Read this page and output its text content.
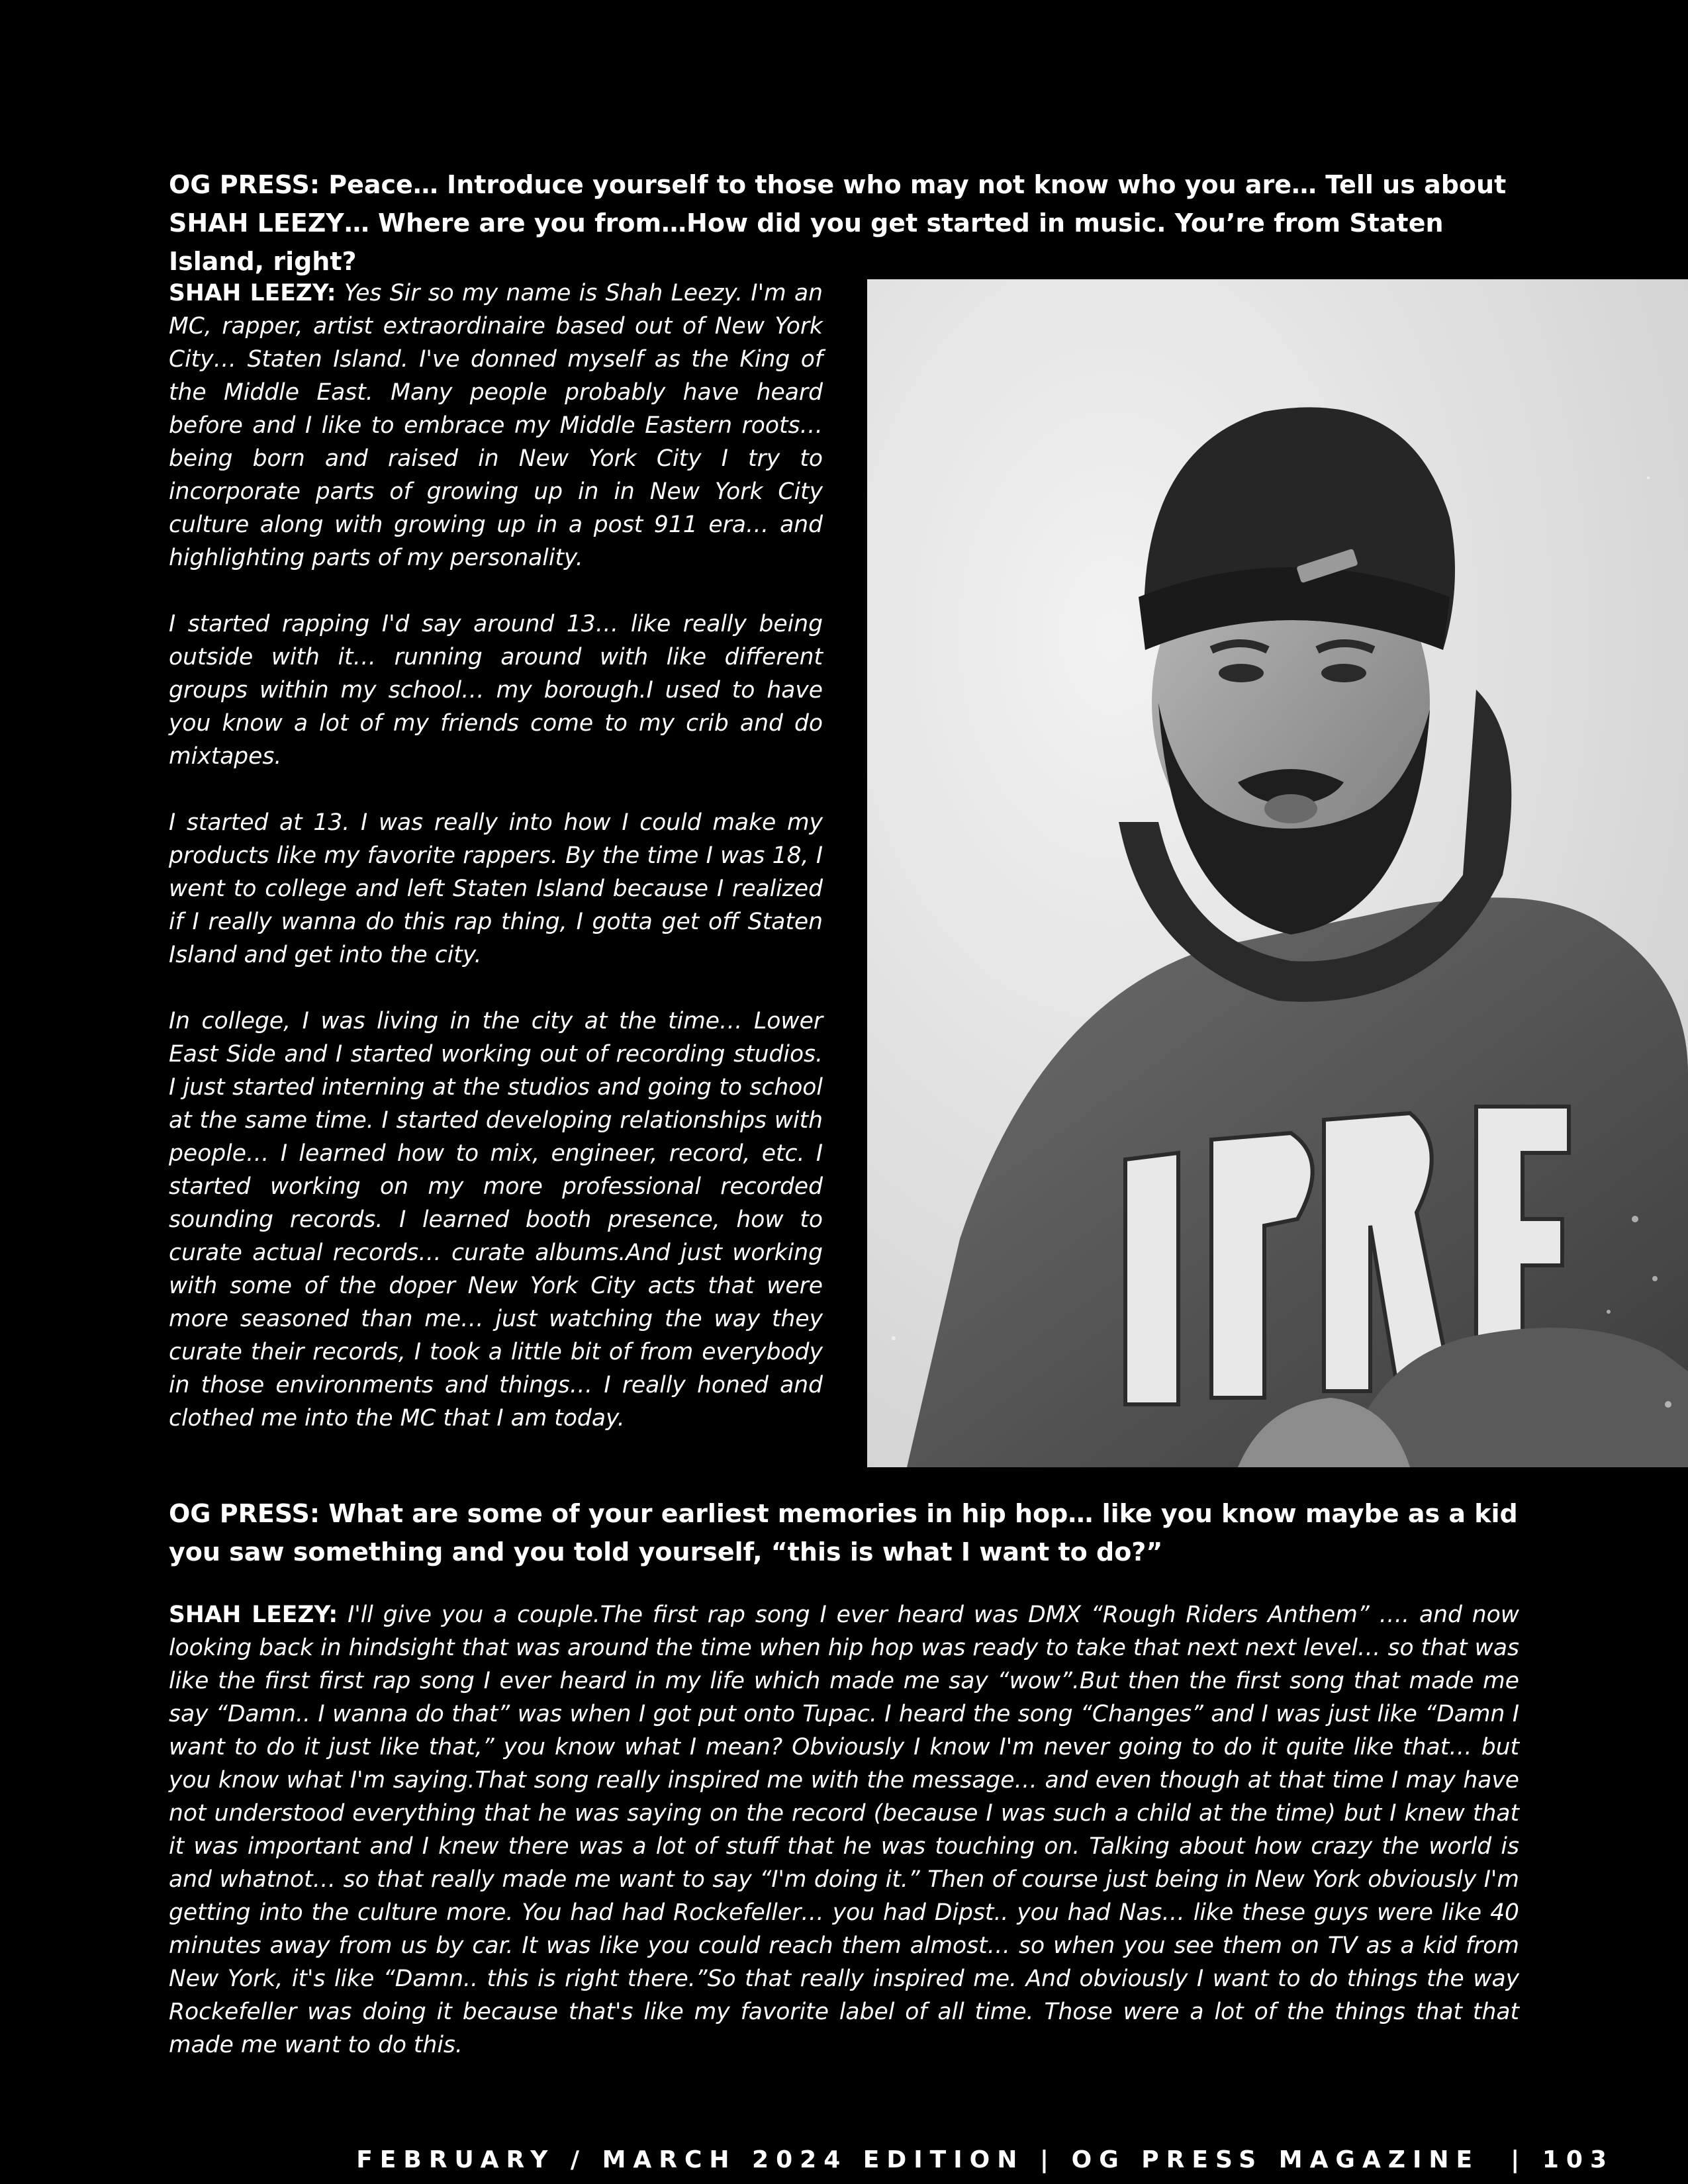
OG PRESS: Peace… Introduce yourself to those who may not know who you are… Tell us about SHAH LEEZY… Where are you from…How did you get started in music. You’re from Staten Island, right?

SHAH LEEZY: Yes Sir so my name is Shah Leezy. I'm an MC, rapper, artist extraordinaire based out of New York City… Staten Island. I've donned myself as the King of the Middle East. Many people probably have heard before and I like to embrace my Middle Eastern roots… being born and raised in New York City I try to incorporate parts of growing up in in New York City culture along with growing up in a post 911 era… and highlighting parts of my personality.

I started rapping I'd say around 13… like really being outside with it… running around with like different groups within my school… my borough.I used to have you know a lot of my friends come to my crib and do mixtapes.

I started at 13. I was really into how I could make my products like my favorite rappers. By the time I was 18, I went to college and left Staten Island because I realized if I really wanna do this rap thing, I gotta get off Staten Island and get into the city.

In college, I was living in the city at the time… Lower East Side and I started working out of recording studios. I just started interning at the studios and going to school at the same time. I started developing relationships with people… I learned how to mix, engineer, record, etc. I started working on my more professional recorded sounding records. I learned booth presence, how to curate actual records… curate albums.And just working with some of the doper New York City acts that were more seasoned than me… just watching the way they curate their records, I took a little bit of from everybody in those environments and things… I really honed and clothed me into the MC that I am today.

OG PRESS: What are some of your earliest memories in hip hop… like you know maybe as a kid you saw something and you told yourself, “this is what I want to do?”

SHAH LEEZY: I'll give you a couple.The first rap song I ever heard was DMX “Rough Riders Anthem” …. and now looking back in hindsight that was around the time when hip hop was ready to take that next next level… so that was like the first first rap song I ever heard in my life which made me say “wow”.But then the first song that made me say “Damn.. I wanna do that” was when I got put onto Tupac. I heard the song “Changes” and I was just like “Damn I want to do it just like that,” you know what I mean? Obviously I know I'm never going to do it quite like that… but you know what I'm saying.That song really inspired me with the message… and even though at that time I may have not understood everything that he was saying on the record (because I was such a child at the time) but I knew that it was important and I knew there was a lot of stuff that he was touching on. Talking about how crazy the world is and whatnot… so that really made me want to say “I'm doing it.” Then of course just being in New York obviously I'm getting into the culture more. You had had Rockefeller… you had Dipst.. you had Nas… like these guys were like 40 minutes away from us by car. It was like you could reach them almost… so when you see them on TV as a kid from New York, it's like “Damn.. this is right there.”So that really inspired me. And obviously I want to do things the way Rockefeller was doing it because that's like my favorite label of all time. Those were a lot of the things that that made me want to do this.

FEBRUARY / MARCH 2024 EDITION | OG PRESS MAGAZINE | 103
